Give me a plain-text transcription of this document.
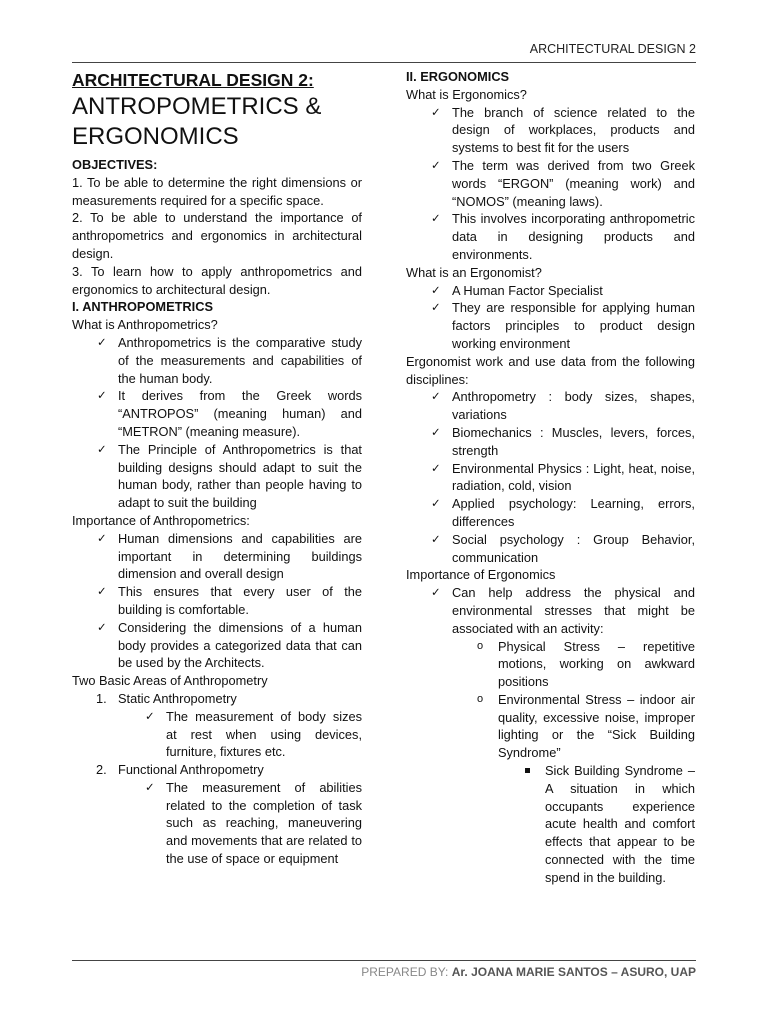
ARCHITECTURAL DESIGN 2

ARCHITECTURAL DESIGN 2:

ANTROPOMETRICS & ERGONOMICS

OBJECTIVES:

1. To be able to determine the right dimensions or measurements required for a specific space.

2. To be able to understand the importance of anthropometrics and ergonomics in architectural design.

3. To learn how to apply anthropometrics and ergonomics to architectural design.

I. ANTHROPOMETRICS

What is Anthropometrics?

✓ Anthropometrics is the comparative study of the measurements and capabilities of the human body.
✓ It derives from the Greek words “ANTROPOS” (meaning human) and “METRON” (meaning measure).
✓ The Principle of Anthropometrics is that building designs should adapt to suit the human body, rather than people having to adapt to suit the building

Importance of Anthropometrics:

✓ Human dimensions and capabilities are important in determining buildings dimension and overall design
✓ This ensures that every user of the building is comfortable.
✓ Considering the dimensions of a human body provides a categorized data that can be used by the Architects.

Two Basic Areas of Anthropometry

1. Static Anthropometry
✓ The measurement of body sizes at rest when using devices, furniture, fixtures etc.
2. Functional Anthropometry
✓ The measurement of abilities related to the completion of task such as reaching, maneuvering and movements that are related to the use of space or equipment

II. ERGONOMICS

What is Ergonomics?

✓ The branch of science related to the design of workplaces, products and systems to best fit for the users
✓ The term was derived from two Greek words “ERGON” (meaning work) and “NOMOS” (meaning laws).
✓ This involves incorporating anthropometric data in designing products and environments.

What is an Ergonomist?

✓ A Human Factor Specialist
✓ They are responsible for applying human factors principles to product design working environment

Ergonomist work and use data from the following disciplines:

✓ Anthropometry : body sizes, shapes, variations
✓ Biomechanics : Muscles, levers, forces, strength
✓ Environmental Physics : Light, heat, noise, radiation, cold, vision
✓ Applied psychology: Learning, errors, differences
✓ Social psychology : Group Behavior, communication

Importance of Ergonomics

✓ Can help address the physical and environmental stresses that might be associated with an activity:
o Physical Stress – repetitive motions, working on awkward positions
o Environmental Stress – indoor air quality, excessive noise, improper lighting or the “Sick Building Syndrome”
Sick Building Syndrome – A situation in which occupants experience acute health and comfort effects that appear to be connected with the time spend in the building.
PREPARED BY: Ar. JOANA MARIE SANTOS – ASURO, UAP
